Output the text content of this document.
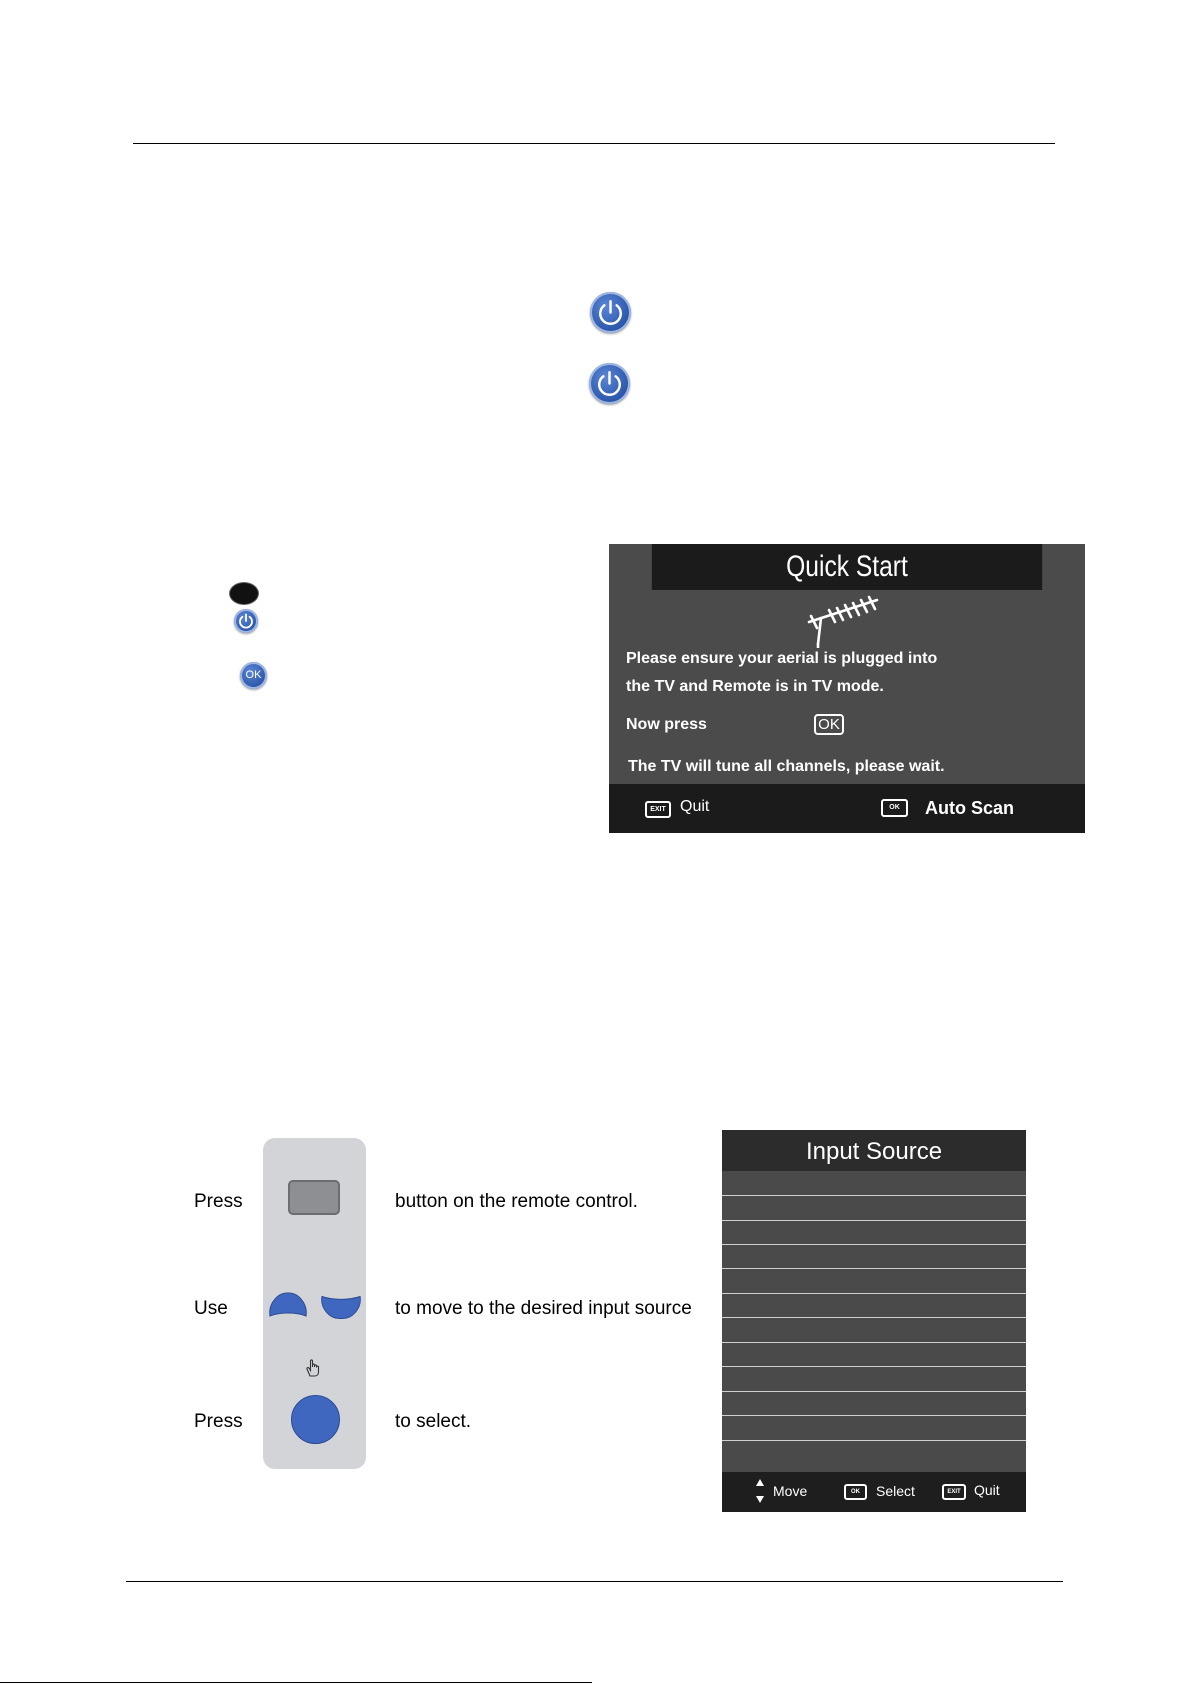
OK
Quick Start
Please ensure your aerial is plugged into
the TV and Remote is in TV mode.
Now press	OK
The TV will tune all channels, please wait.
EXIT Quit	OK	Auto Scan
Press	button on the remote control.
Use	to move to the desired input source
Press	to select.
Input Source
Move	OK	Select	EXIT Quit
